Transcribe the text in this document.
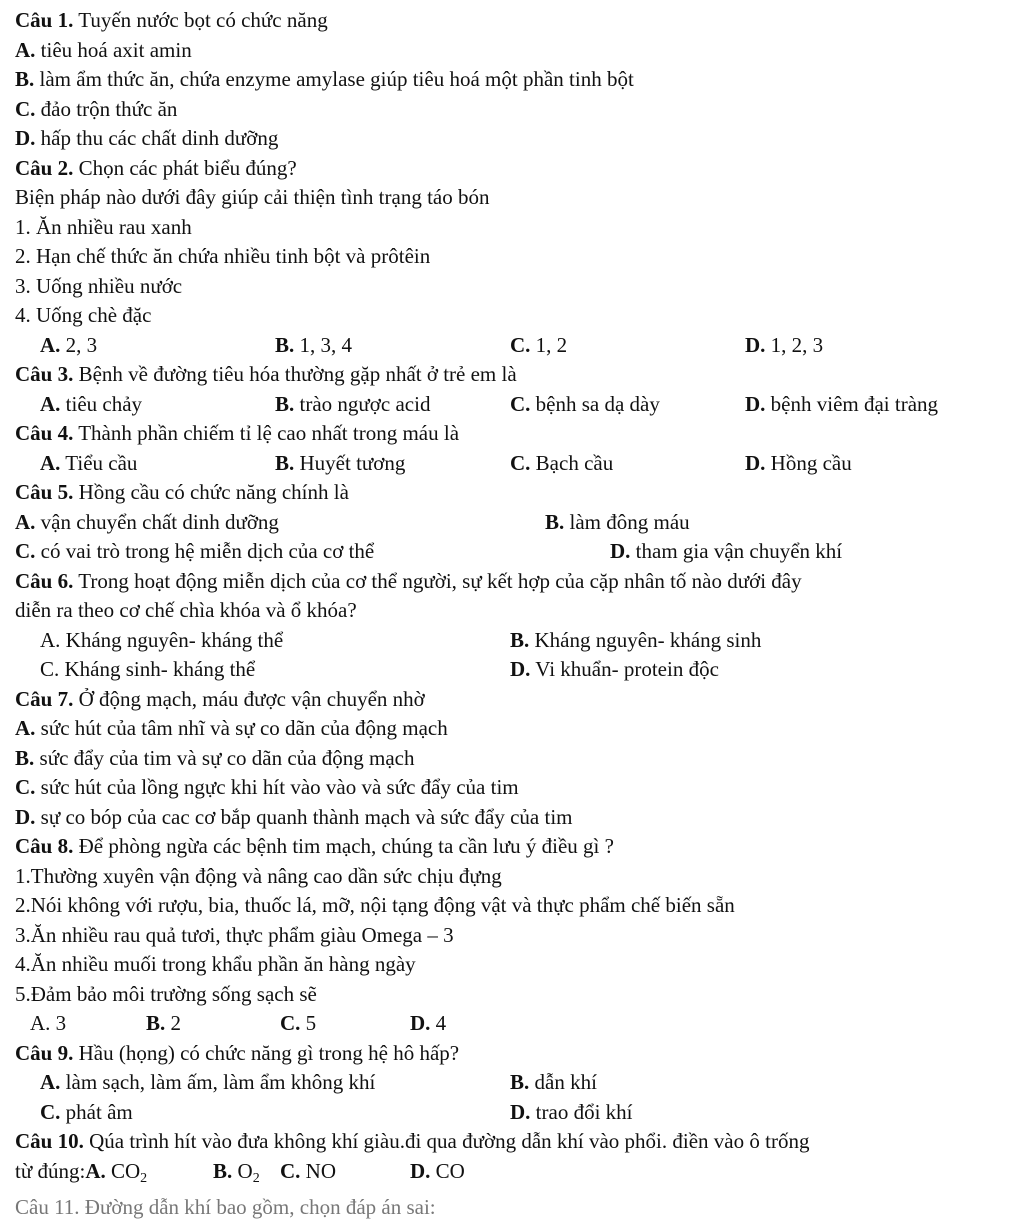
Câu 1. Tuyến nước bọt có chức năng
A. tiêu hoá axit amin
B. làm ẩm thức ăn, chứa enzyme amylase giúp tiêu hoá một phần tinh bột
C. đảo trộn thức ăn
D. hấp thu các chất dinh dưỡng
Câu 2. Chọn các phát biểu đúng?
Biện pháp nào dưới đây giúp cải thiện tình trạng táo bón
1. Ăn nhiều rau xanh
2. Hạn chế thức ăn chứa nhiều tinh bột và prôtêin
3. Uống nhiều nước
4. Uống chè đặc
A. 2, 3	B. 1, 3, 4	C. 1, 2	D. 1, 2, 3
Câu 3. Bệnh về đường tiêu hóa thường gặp nhất ở trẻ em là
A. tiêu chảy	B. trào ngược acid	C. bệnh sa dạ dày	D. bệnh viêm đại tràng
Câu 4. Thành phần chiếm tỉ lệ cao nhất trong máu là
A. Tiểu cầu	B. Huyết tương	C. Bạch cầu	D. Hồng cầu
Câu 5. Hồng cầu có chức năng chính là
A. vận chuyển chất dinh dưỡng	B. làm đông máu
C. có vai trò trong hệ miễn dịch của cơ thể	D. tham gia vận chuyển khí
Câu 6. Trong hoạt động miễn dịch của cơ thể người, sự kết hợp của cặp nhân tố nào dưới đây
diễn ra theo cơ chế chìa khóa và ổ khóa?
A. Kháng nguyên- kháng thể	B. Kháng nguyên- kháng sinh
C. Kháng sinh- kháng thể	D. Vi khuẩn- protein độc
Câu 7. Ở động mạch, máu được vận chuyển nhờ
A. sức hút của tâm nhĩ và sự co dãn của động mạch
B. sức đẩy của tim và sự co dãn của động mạch
C. sức hút của lồng ngực khi hít vào vào và sức đẩy của tim
D. sự co bóp của cac cơ bắp quanh thành mạch và sức đẩy của tim
Câu 8. Để phòng ngừa các bệnh tim mạch, chúng ta cần lưu ý điều gì ?
1.Thường xuyên vận động và nâng cao dần sức chịu đựng
2.Nói không với rượu, bia, thuốc lá, mỡ, nội tạng động vật và thực phẩm chế biến sẵn
3.Ăn nhiều rau quả tươi, thực phẩm giàu Omega – 3
4.Ăn nhiều muối trong khẩu phần ăn hàng ngày
5.Đảm bảo môi trường sống sạch sẽ
A. 3	B. 2	C. 5	D. 4
Câu 9. Hầu (họng) có chức năng gì trong hệ hô hấp?
A. làm sạch, làm ấm, làm ẩm không khí	B. dẫn khí
C. phát âm	D. trao đổi khí
Câu 10. Qúa trình hít vào đưa không khí giàu.đi qua đường dẫn khí vào phổi. điền vào ô trống
từ đúng:A. $CO_2$	B. $O_2$ C. NO	D. CO
Câu 11. Đường dẫn khí bao gồm, chọn đáp án sai:
